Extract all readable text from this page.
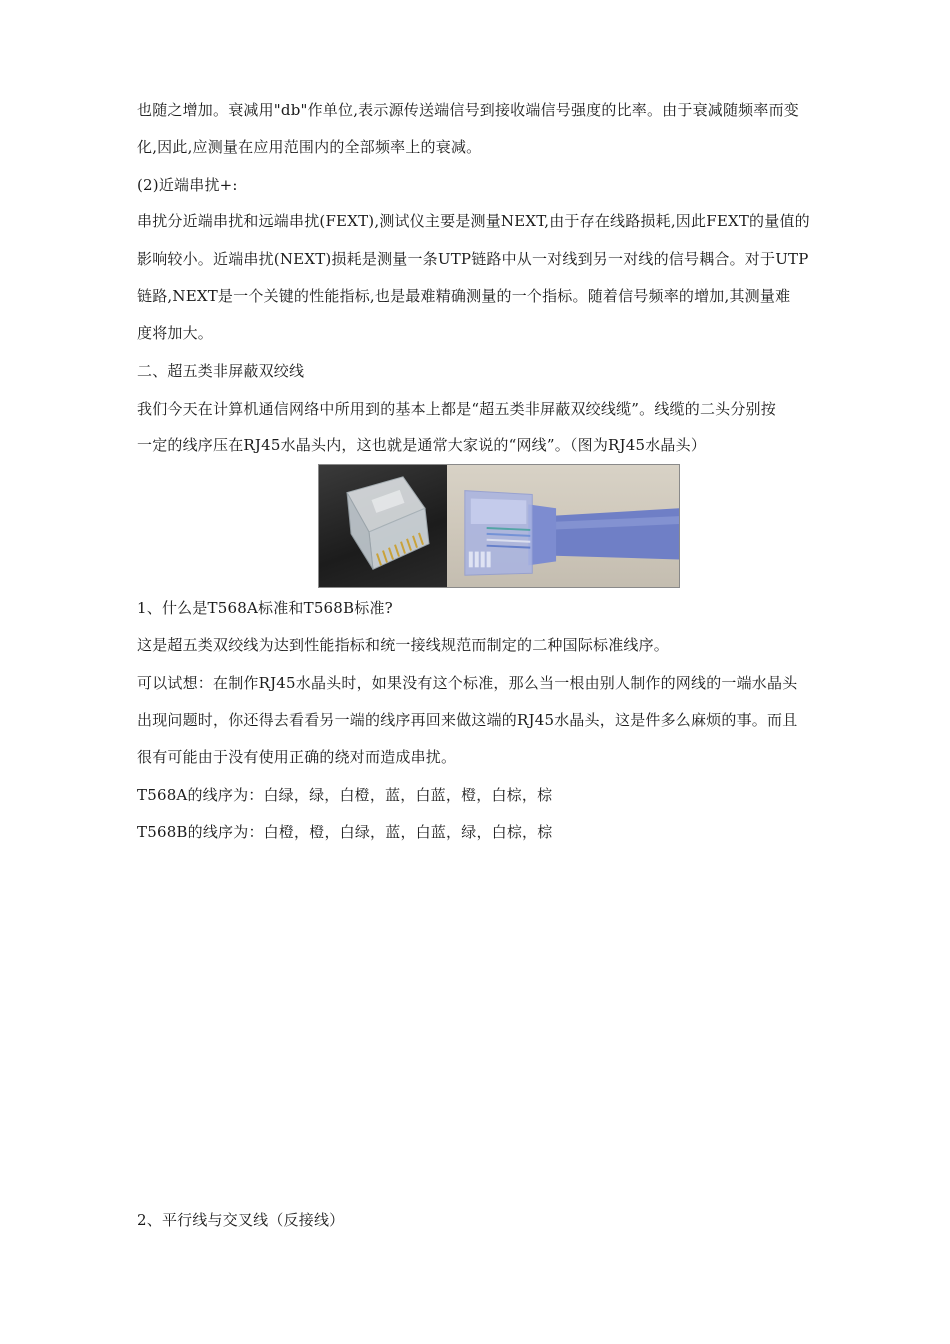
也随之增加。衰减用"db"作单位,表示源传送端信号到接收端信号强度的比率。由于衰减随频率而变
化,因此,应测量在应用范围内的全部频率上的衰减。
(2)近端串扰+:
串扰分近端串扰和远端串扰(FEXT),测试仪主要是测量NEXT,由于存在线路损耗,因此FEXT的量值的
影响较小。近端串扰(NEXT)损耗是测量一条UTP链路中从一对线到另一对线的信号耦合。对于UTP
链路,NEXT是一个关键的性能指标,也是最难精确测量的一个指标。随着信号频率的增加,其测量难
度将加大。
二、超五类非屏蔽双绞线
我们今天在计算机通信网络中所用到的基本上都是“超五类非屏蔽双绞线缆”。线缆的二头分别按
一定的线序压在RJ45水晶头内，这也就是通常大家说的“网线”。（图为RJ45水晶头）
1、什么是T568A标准和T568B标准?
这是超五类双绞线为达到性能指标和统一接线规范而制定的二种国际标准线序。
可以试想：在制作RJ45水晶头时，如果没有这个标准，那么当一根由别人制作的网线的一端水晶头
出现问题时，你还得去看看另一端的线序再回来做这端的RJ45水晶头，这是件多么麻烦的事。而且
很有可能由于没有使用正确的绕对而造成串扰。
T568A的线序为：白绿，绿，白橙，蓝，白蓝，橙，白棕，棕
T568B的线序为：白橙，橙，白绿，蓝，白蓝，绿，白棕，棕
2、平行线与交叉线（反接线）
